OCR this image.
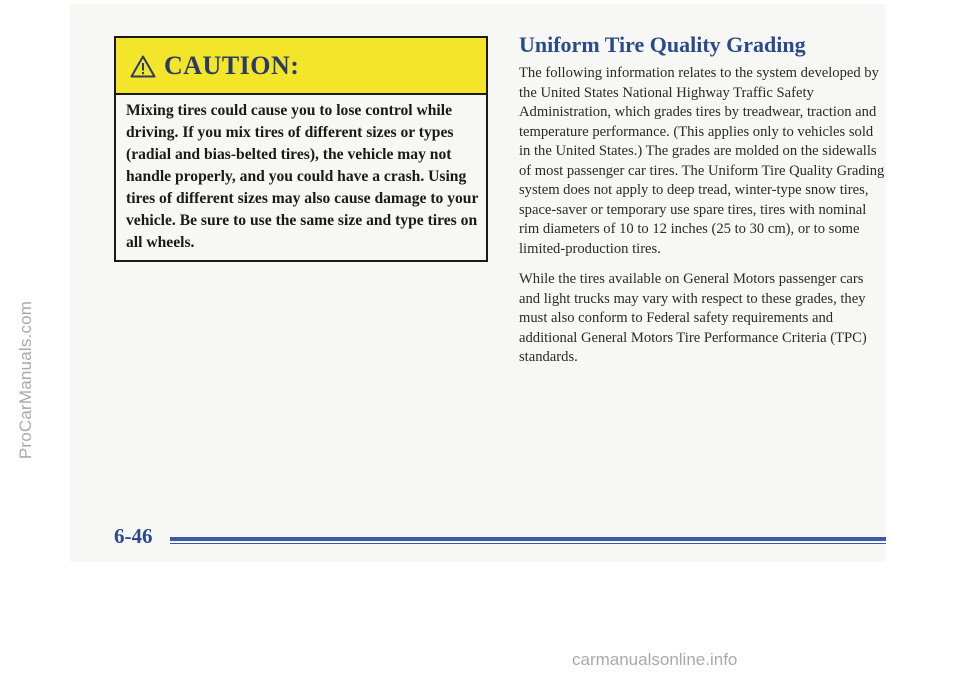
ProCarManuals.com
CAUTION:
Mixing tires could cause you to lose control while driving. If you mix tires of different sizes or types (radial and bias-belted tires), the vehicle may not handle properly, and you could have a crash. Using tires of different sizes may also cause damage to your vehicle. Be sure to use the same size and type tires on all wheels.
Uniform Tire Quality Grading

The following information relates to the system developed by the United States National Highway Traffic Safety Administration, which grades tires by treadwear, traction and temperature performance. (This applies only to vehicles sold in the United States.) The grades are molded on the sidewalls of most passenger car tires. The Uniform Tire Quality Grading system does not apply to deep tread, winter-type snow tires, space-saver or temporary use spare tires, tires with nominal rim diameters of 10 to 12 inches (25 to 30 cm), or to some limited-production tires.

While the tires available on General Motors passenger cars and light trucks may vary with respect to these grades, they must also conform to Federal safety requirements and additional General Motors Tire Performance Criteria (TPC) standards.

6-46
carmanualsonline.info
